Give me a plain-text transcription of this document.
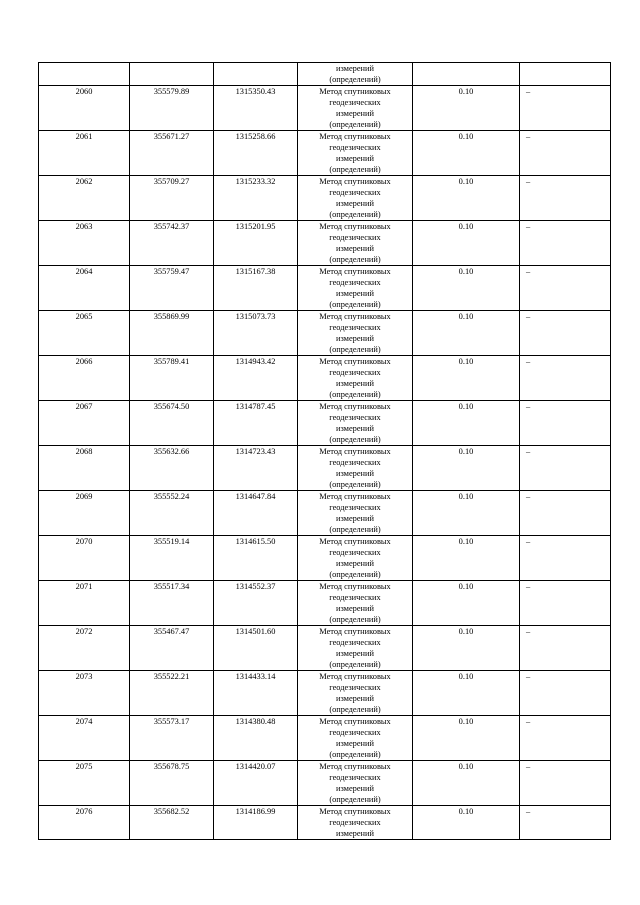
			измерений
(определений)		

2060	355579.89	1315350.43	Метод спутниковых
геодезических
измерений
(определений)	0.10	–
2061	355671.27	1315258.66	Метод спутниковых
геодезических
измерений
(определений)	0.10	–
2062	355709.27	1315233.32	Метод спутниковых
геодезических
измерений
(определений)	0.10	–
2063	355742.37	1315201.95	Метод спутниковых
геодезических
измерений
(определений)	0.10	–
2064	355759.47	1315167.38	Метод спутниковых
геодезических
измерений
(определений)	0.10	–
2065	355869.99	1315073.73	Метод спутниковых
геодезических
измерений
(определений)	0.10	–
2066	355789.41	1314943.42	Метод спутниковых
геодезических
измерений
(определений)	0.10	–
2067	355674.50	1314787.45	Метод спутниковых
геодезических
измерений
(определений)	0.10	–
2068	355632.66	1314723.43	Метод спутниковых
геодезических
измерений
(определений)	0.10	–
2069	355552.24	1314647.84	Метод спутниковых
геодезических
измерений
(определений)	0.10	–
2070	355519.14	1314615.50	Метод спутниковых
геодезических
измерений
(определений)	0.10	–
2071	355517.34	1314552.37	Метод спутниковых
геодезических
измерений
(определений)	0.10	–
2072	355467.47	1314501.60	Метод спутниковых
геодезических
измерений
(определений)	0.10	–
2073	355522.21	1314433.14	Метод спутниковых
геодезических
измерений
(определений)	0.10	–
2074	355573.17	1314380.48	Метод спутниковых
геодезических
измерений
(определений)	0.10	–
2075	355678.75	1314420.07	Метод спутниковых
геодезических
измерений
(определений)	0.10	–
2076	355682.52	1314186.99	Метод спутниковых
геодезических
измерений	0.10	–
